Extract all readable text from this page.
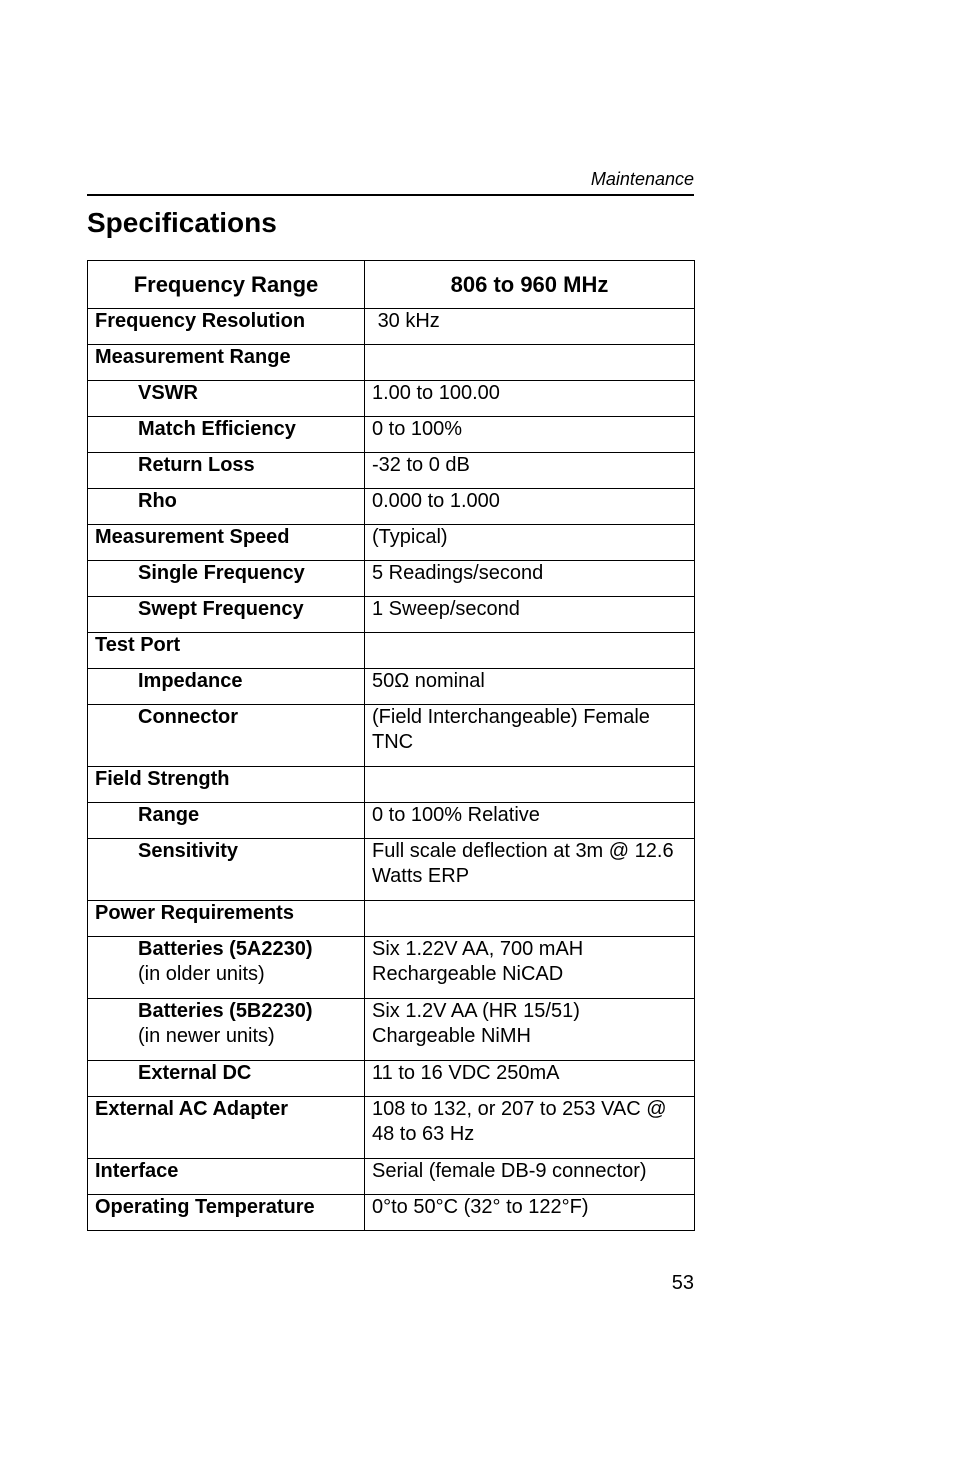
Maintenance
Specifications
Frequency Range	806 to 960 MHz

Frequency Resolution	30 kHz

Measurement Range	

VSWR	1.00 to 100.00

Match Efficiency	0 to 100%

Return Loss	-32 to 0 dB

Rho	0.000 to 1.000

Measurement Speed	(Typical)

Single Frequency	5 Readings/second

Swept Frequency	1 Sweep/second

Test Port	

Impedance	50Ω nominal

Connector	(Field Interchangeable) Female TNC

Field Strength	

Range	0 to 100% Relative

Sensitivity	Full scale deflection at 3m @ 12.6 Watts ERP

Power Requirements	

Batteries (5A2230)
(in older units)	Six 1.22V AA, 700 mAH Rechargeable NiCAD

Batteries (5B2230)
(in newer units)	Six 1.2V AA (HR 15/51) Chargeable NiMH

External DC	11 to 16 VDC 250mA

External AC Adapter	108 to 132, or 207 to 253 VAC @ 48 to 63 Hz

Interface	Serial (female DB-9 connector)

Operating Temperature	0°to 50°C (32° to 122°F)
53
